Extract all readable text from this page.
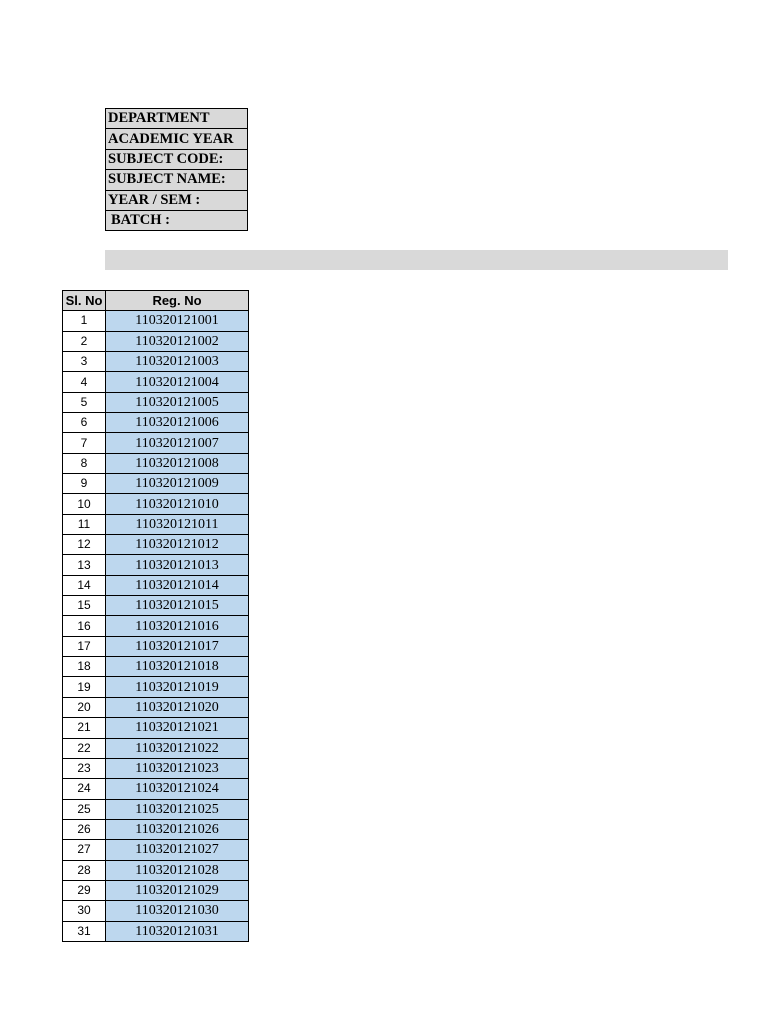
DEPARTMENT
ACADEMIC YEAR
SUBJECT CODE:
SUBJECT NAME:
YEAR / SEM :
BATCH :
Sl. No	Reg. No
1	110320121001
2	110320121002
3	110320121003
4	110320121004
5	110320121005
6	110320121006
7	110320121007
8	110320121008
9	110320121009
10	110320121010
11	110320121011
12	110320121012
13	110320121013
14	110320121014
15	110320121015
16	110320121016
17	110320121017
18	110320121018
19	110320121019
20	110320121020
21	110320121021
22	110320121022
23	110320121023
24	110320121024
25	110320121025
26	110320121026
27	110320121027
28	110320121028
29	110320121029
30	110320121030
31	110320121031
